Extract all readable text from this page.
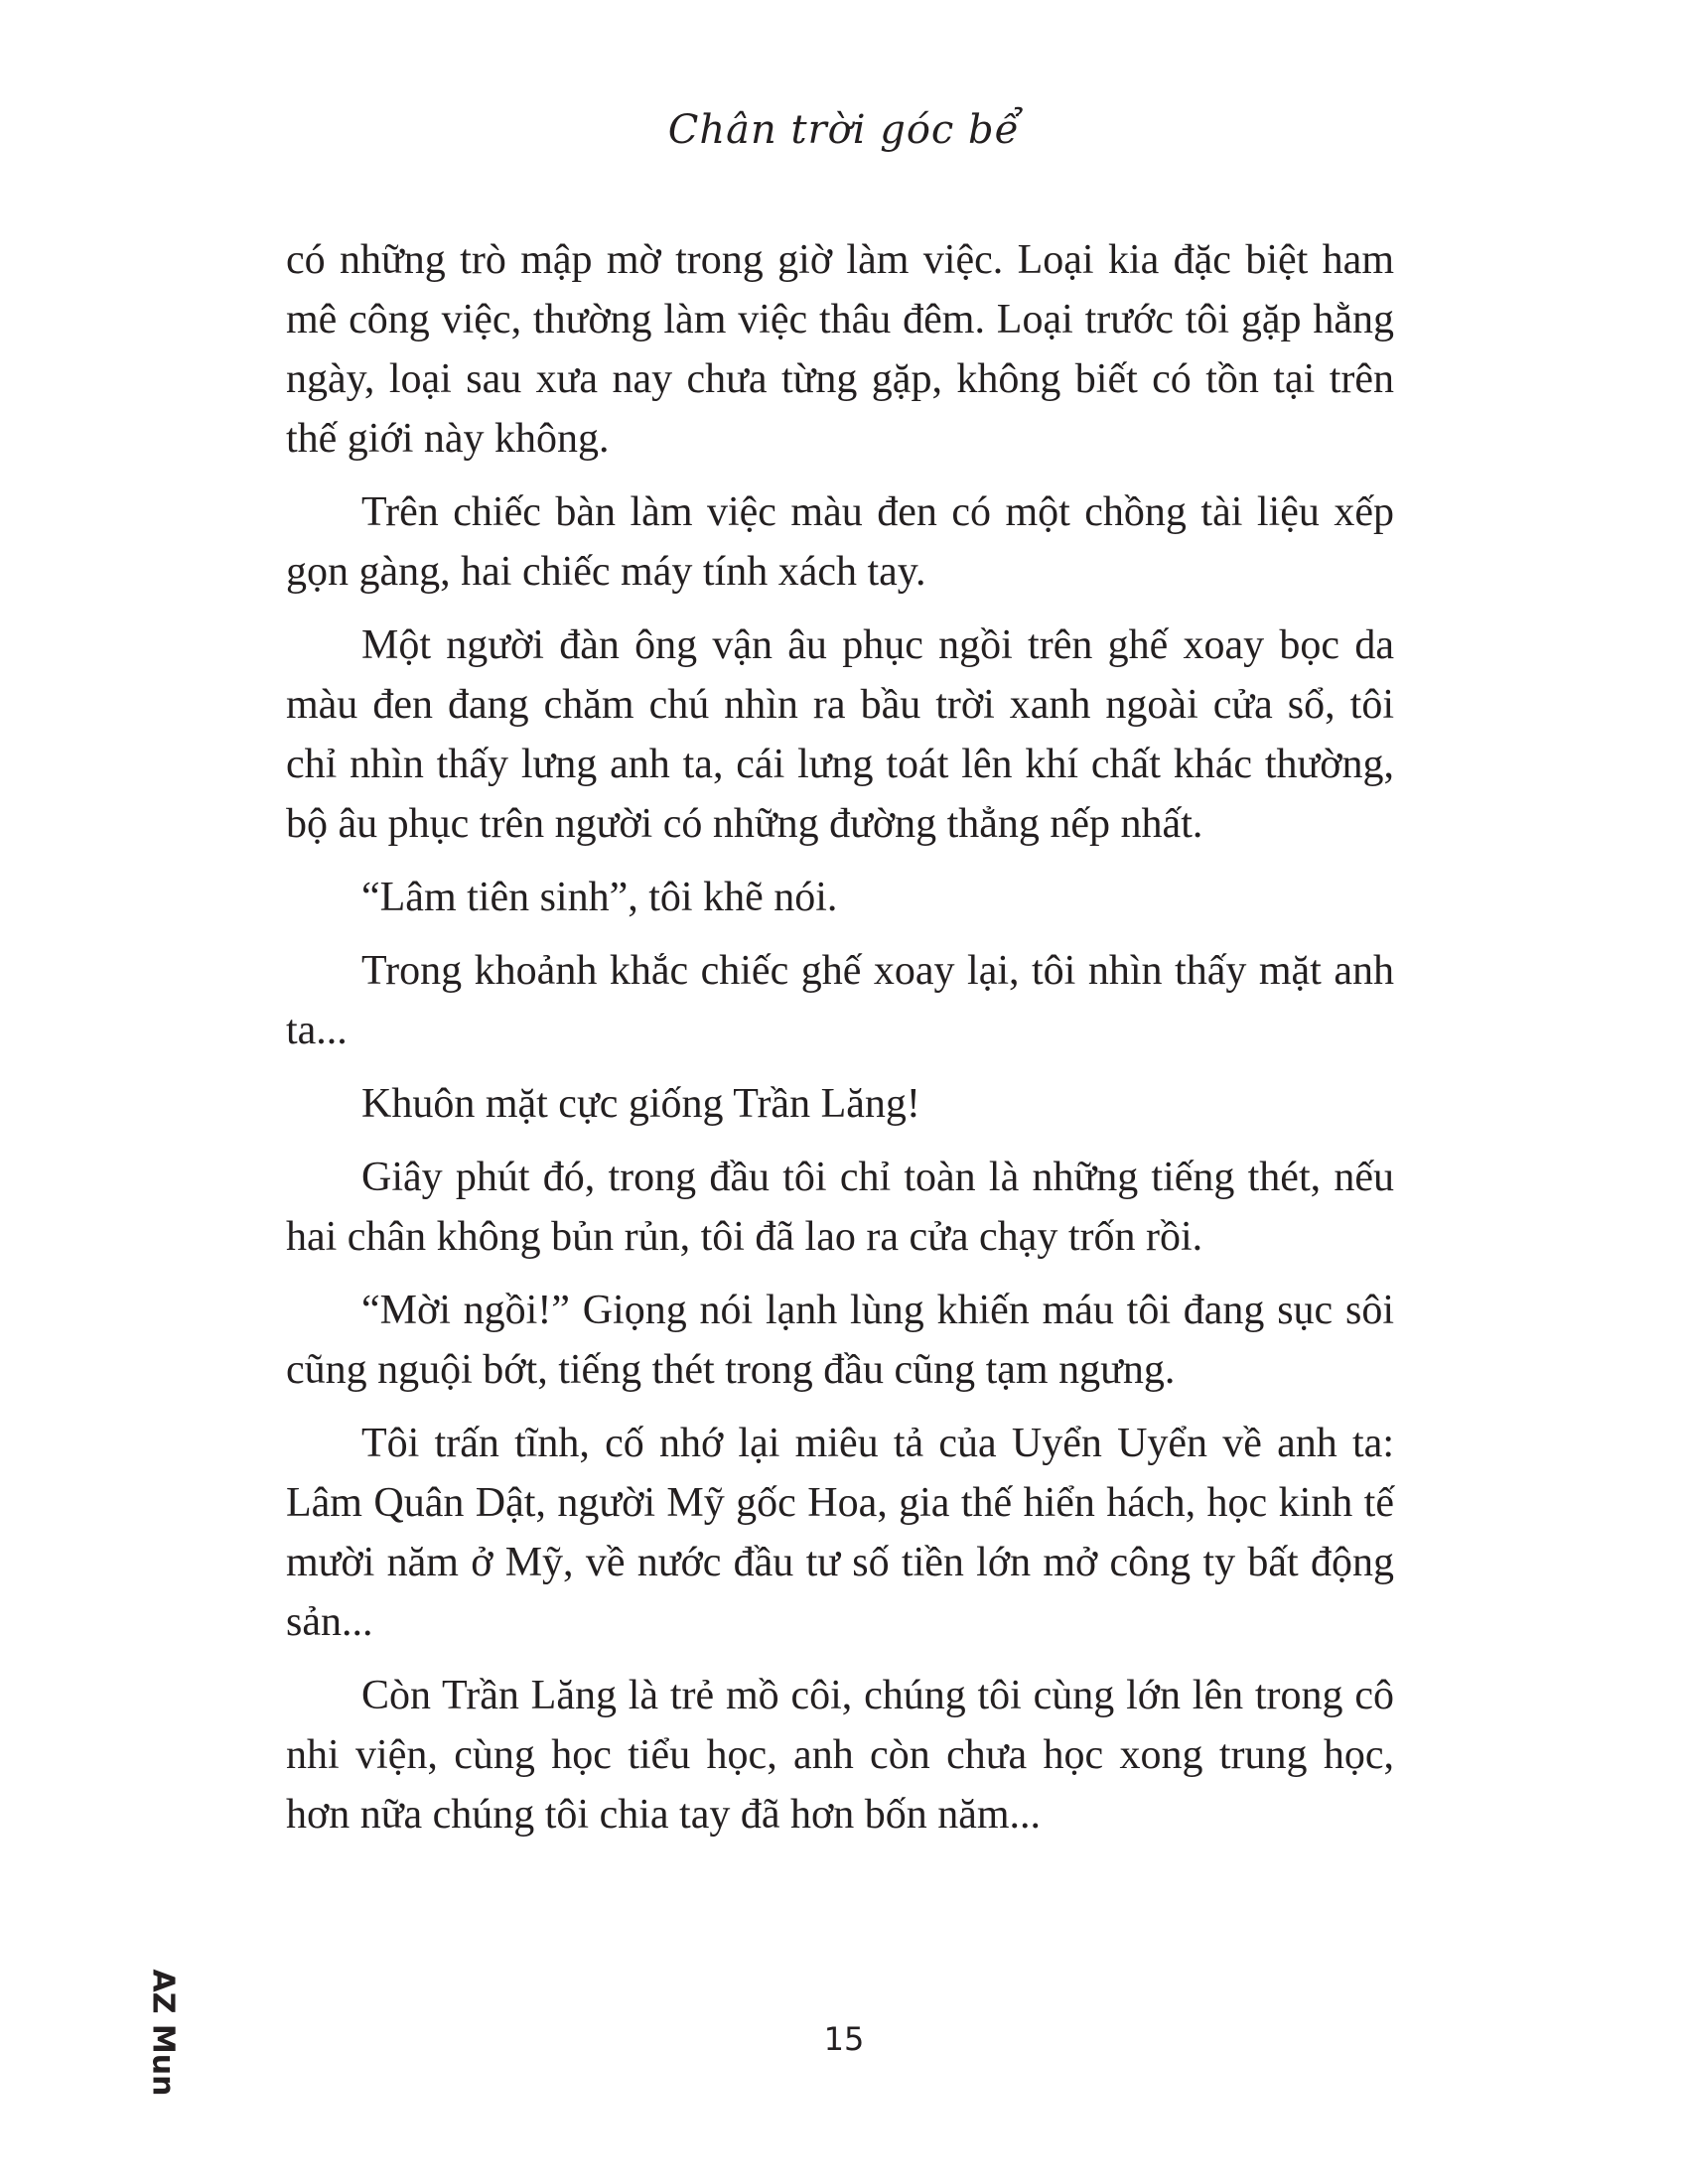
Chân trời góc bể

có những trò mập mờ trong giờ làm việc. Loại kia đặc biệt ham mê công việc, thường làm việc thâu đêm. Loại trước tôi gặp hằng ngày, loại sau xưa nay chưa từng gặp, không biết có tồn tại trên thế giới này không.

Trên chiếc bàn làm việc màu đen có một chồng tài liệu xếp gọn gàng, hai chiếc máy tính xách tay.

Một người đàn ông vận âu phục ngồi trên ghế xoay bọc da màu đen đang chăm chú nhìn ra bầu trời xanh ngoài cửa sổ, tôi chỉ nhìn thấy lưng anh ta, cái lưng toát lên khí chất khác thường, bộ âu phục trên người có những đường thẳng nếp nhất.

“Lâm tiên sinh”, tôi khẽ nói.

Trong khoảnh khắc chiếc ghế xoay lại, tôi nhìn thấy mặt anh ta...

Khuôn mặt cực giống Trần Lăng!

Giây phút đó, trong đầu tôi chỉ toàn là những tiếng thét, nếu hai chân không bủn rủn, tôi đã lao ra cửa chạy trốn rồi.

“Mời ngồi!” Giọng nói lạnh lùng khiến máu tôi đang sục sôi cũng nguội bớt, tiếng thét trong đầu cũng tạm ngưng.

Tôi trấn tĩnh, cố nhớ lại miêu tả của Uyển Uyển về anh ta: Lâm Quân Dật, người Mỹ gốc Hoa, gia thế hiển hách, học kinh tế mười năm ở Mỹ, về nước đầu tư số tiền lớn mở công ty bất động sản...

Còn Trần Lăng là trẻ mồ côi, chúng tôi cùng lớn lên trong cô nhi viện, cùng học tiểu học, anh còn chưa học xong trung học, hơn nữa chúng tôi chia tay đã hơn bốn năm...

AZ Mun	15
